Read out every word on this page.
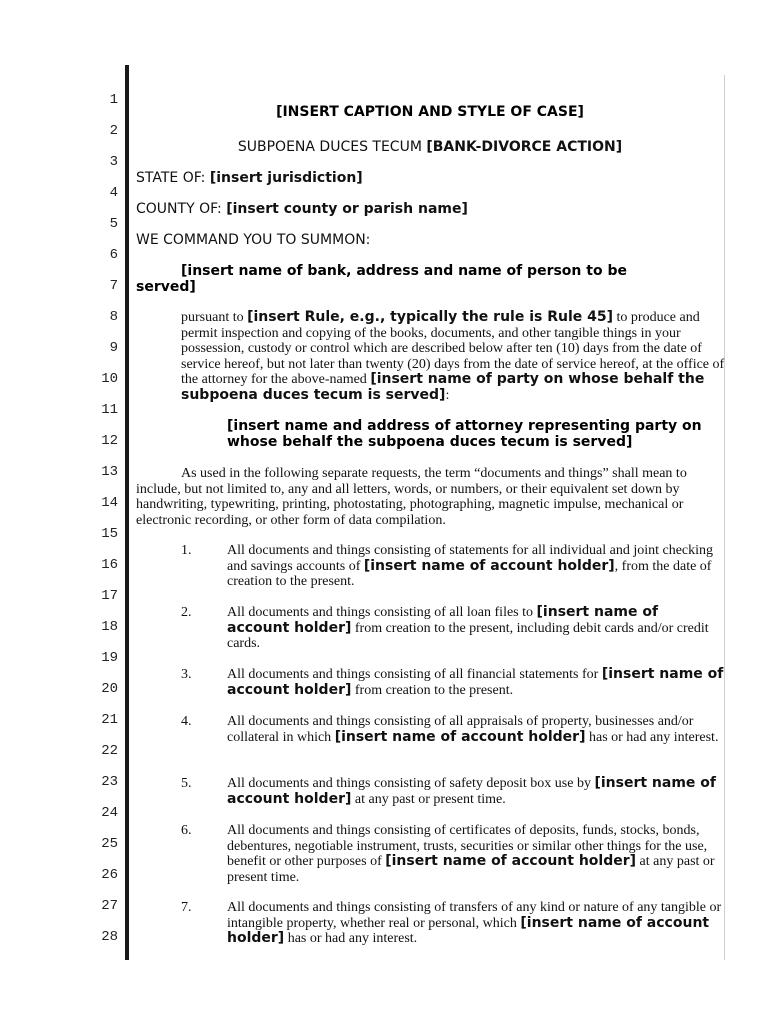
1
2
3
4
5
6
7
8
9
10
11
12
13
14
15
16
17
18
19
20
21
22
23
24
25
26
27
28
[INSERT CAPTION AND STYLE OF CASE]
SUBPOENA DUCES TECUM [BANK-DIVORCE ACTION]
STATE OF: [insert jurisdiction]
COUNTY OF: [insert county or parish name]
WE COMMAND YOU TO SUMMON:
[insert name of bank, address and name of person to be served]
pursuant to [insert Rule, e.g., typically the rule is Rule 45] to produce and permit inspection and copying of the books, documents, and other tangible things in your possession, custody or control which are described below after ten (10) days from the date of service hereof, but not later than twenty (20) days from the date of service hereof, at the office of the attorney for the above-named [insert name of party on whose behalf the subpoena duces tecum is served]:
[insert name and address of attorney representing party on whose behalf the subpoena duces tecum is served]
As used in the following separate requests, the term “documents and things” shall mean to include, but not limited to, any and all letters, words, or numbers, or their equivalent set down by handwriting, typewriting, printing, photostating, photographing, magnetic impulse, mechanical or electronic recording, or other form of data compilation.
1.	All documents and things consisting of statements for all individual and joint checking and savings accounts of [insert name of account holder], from the date of creation to the present.
2.	All documents and things consisting of all loan files to [insert name of account holder] from creation to the present, including debit cards and/or credit cards.
3.	All documents and things consisting of all financial statements for [insert name of account holder] from creation to the present.
4.	All documents and things consisting of all appraisals of property, businesses and/or collateral in which [insert name of account holder] has or had any interest.
5.	All documents and things consisting of safety deposit box use by [insert name of account holder] at any past or present time.
6.	All documents and things consisting of certificates of deposits, funds, stocks, bonds, debentures, negotiable instrument, trusts, securities or similar other things for the use, benefit or other purposes of [insert name of account holder] at any past or present time.
7.	All documents and things consisting of transfers of any kind or nature of any tangible or intangible property, whether real or personal, which [insert name of account holder] has or had any interest.
